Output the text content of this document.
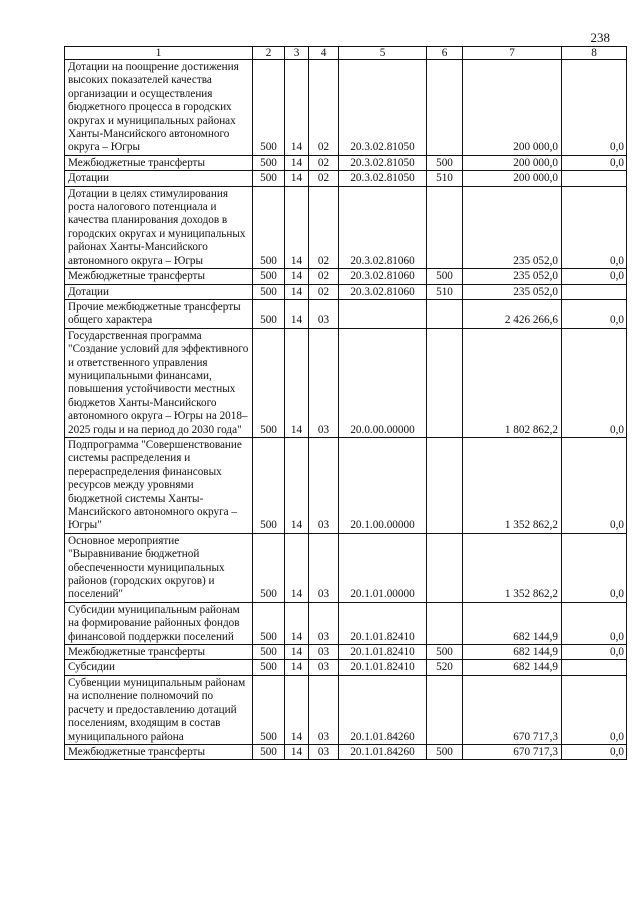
238
1	2	3	4	5	6	7	8
Дотации на поощрение достижения высоких показателей качества организации и осуществления бюджетного процесса в городских округах и муниципальных районах Ханты-Мансийского автономного округа – Югры	500	14	02	20.3.02.81050		200 000,0	0,0
Межбюджетные трансферты	500	14	02	20.3.02.81050	500	200 000,0	0,0
Дотации	500	14	02	20.3.02.81050	510	200 000,0	
Дотации в целях стимулирования роста налогового потенциала и качества планирования доходов в городских округах и муниципальных районах Ханты-Мансийского автономного округа – Югры	500	14	02	20.3.02.81060		235 052,0	0,0
Межбюджетные трансферты	500	14	02	20.3.02.81060	500	235 052,0	0,0
Дотации	500	14	02	20.3.02.81060	510	235 052,0	
Прочие межбюджетные трансферты общего характера	500	14	03			2 426 266,6	0,0
Государственная программа "Создание условий для эффективного и ответственного управления муниципальными финансами, повышения устойчивости местных бюджетов Ханты-Мансийского автономного округа – Югры на 2018–2025 годы и на период до 2030 года"	500	14	03	20.0.00.00000		1 802 862,2	0,0
Подпрограмма "Совершенствование системы распределения и перераспределения финансовых ресурсов между уровнями бюджетной системы Ханты-Мансийского автономного округа – Югры"	500	14	03	20.1.00.00000		1 352 862,2	0,0
Основное мероприятие "Выравнивание бюджетной обеспеченности муниципальных районов (городских округов) и поселений"	500	14	03	20.1.01.00000		1 352 862,2	0,0
Субсидии муниципальным районам на формирование районных фондов финансовой поддержки поселений	500	14	03	20.1.01.82410		682 144,9	0,0
Межбюджетные трансферты	500	14	03	20.1.01.82410	500	682 144,9	0,0
Субсидии	500	14	03	20.1.01.82410	520	682 144,9	
Субвенции муниципальным районам на исполнение полномочий по расчету и предоставлению дотаций поселениям, входящим в состав муниципального района	500	14	03	20.1.01.84260		670 717,3	0,0
Межбюджетные трансферты	500	14	03	20.1.01.84260	500	670 717,3	0,0
